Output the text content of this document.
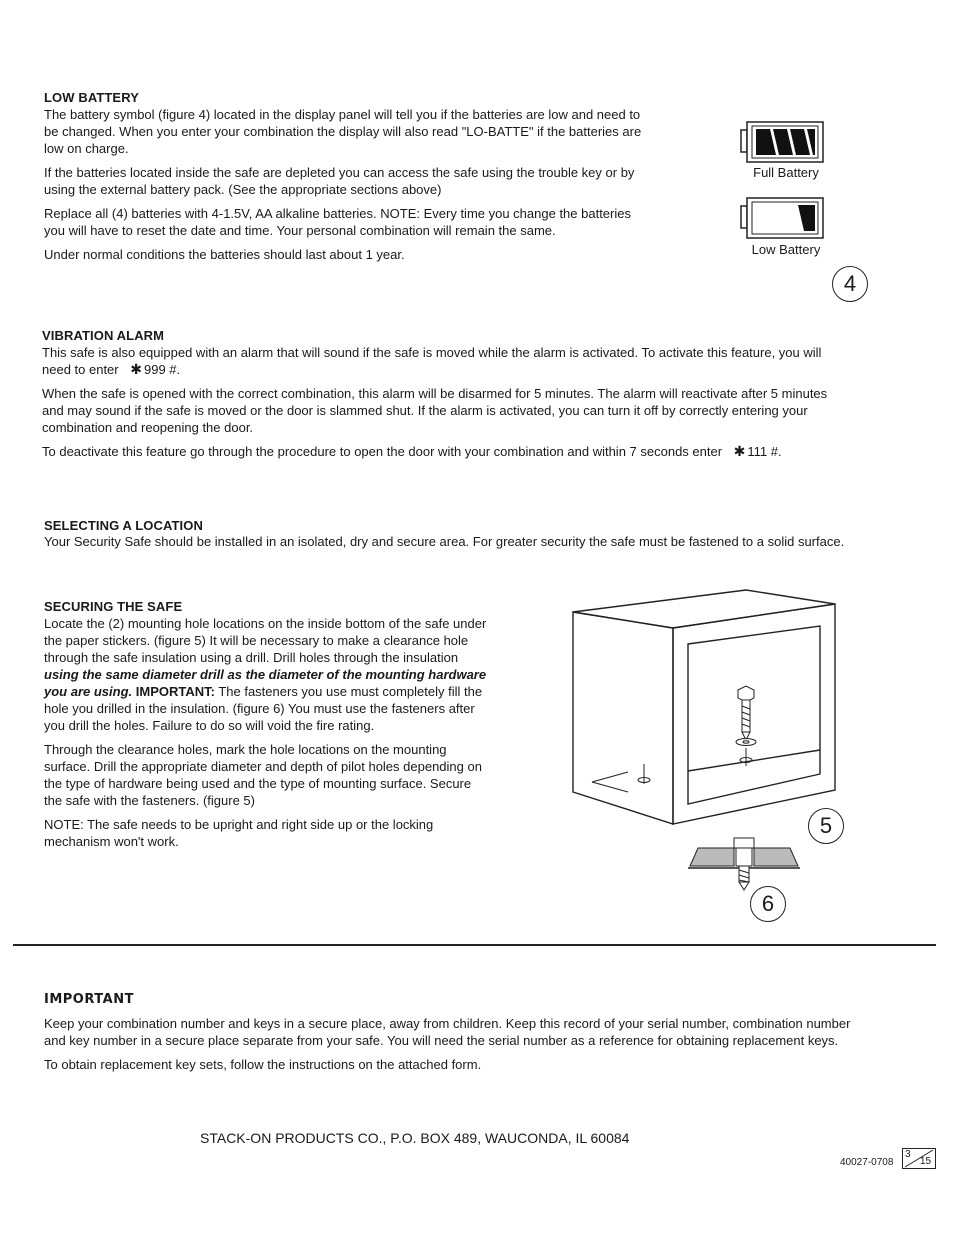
LOW BATTERY

The battery symbol (figure 4) located in the display panel will tell you if the batteries are low and need to be changed. When you enter your combination the display will also read "LO-BATTE" if the batteries are low on charge.

If the batteries located inside the safe are depleted you can access the safe using the trouble key or by using the external battery pack. (See the appropriate sections above)

Replace all (4) batteries with 4-1.5V, AA alkaline batteries. NOTE: Every time you change the batteries you will have to reset the date and time. Your personal combination will remain the same.

Under normal conditions the batteries should last about 1 year.

Full Battery
Low Battery
4
VIBRATION ALARM

This safe is also equipped with an alarm that will sound if the safe is moved while the alarm is activated. To activate this feature, you will need to enter ✱ 999 #.

When the safe is opened with the correct combination, this alarm will be disarmed for 5 minutes. The alarm will reactivate after 5 minutes and may sound if the safe is moved or the door is slammed shut. If the alarm is activated, you can turn it off by correctly entering your combination and reopening the door.

To deactivate this feature go through the procedure to open the door with your combination and within 7 seconds enter ✱ 111 #.

SELECTING A LOCATION
Your Security Safe should be installed in an isolated, dry and secure area. For greater security the safe must be fastened to a solid surface.
SECURING THE SAFE

Locate the (2) mounting hole locations on the inside bottom of the safe under the paper stickers. (figure 5) It will be necessary to make a clearance hole through the safe insulation using a drill. Drill holes through the insulation using the same diameter drill as the diameter of the mounting hardware you are using. IMPORTANT: The fasteners you use must completely fill the hole you drilled in the insulation. (figure 6) You must use the fasteners after you drill the holes. Failure to do so will void the fire rating.

Through the clearance holes, mark the hole locations on the mounting surface. Drill the appropriate diameter and depth of pilot holes depending on the type of hardware being used and the type of mounting surface. Secure the safe with the fasteners. (figure 5)

NOTE: The safe needs to be upright and right side up or the locking mechanism won't work.

5
6
IMPORTANT

Keep your combination number and keys in a secure place, away from children. Keep this record of your serial number, combination number and key number in a secure place separate from your safe. You will need the serial number as a reference for obtaining replacement keys.

To obtain replacement key sets, follow the instructions on the attached form.

STACK-ON PRODUCTS CO., P.O. BOX 489, WAUCONDA, IL 60084
40027-0708
3
15
